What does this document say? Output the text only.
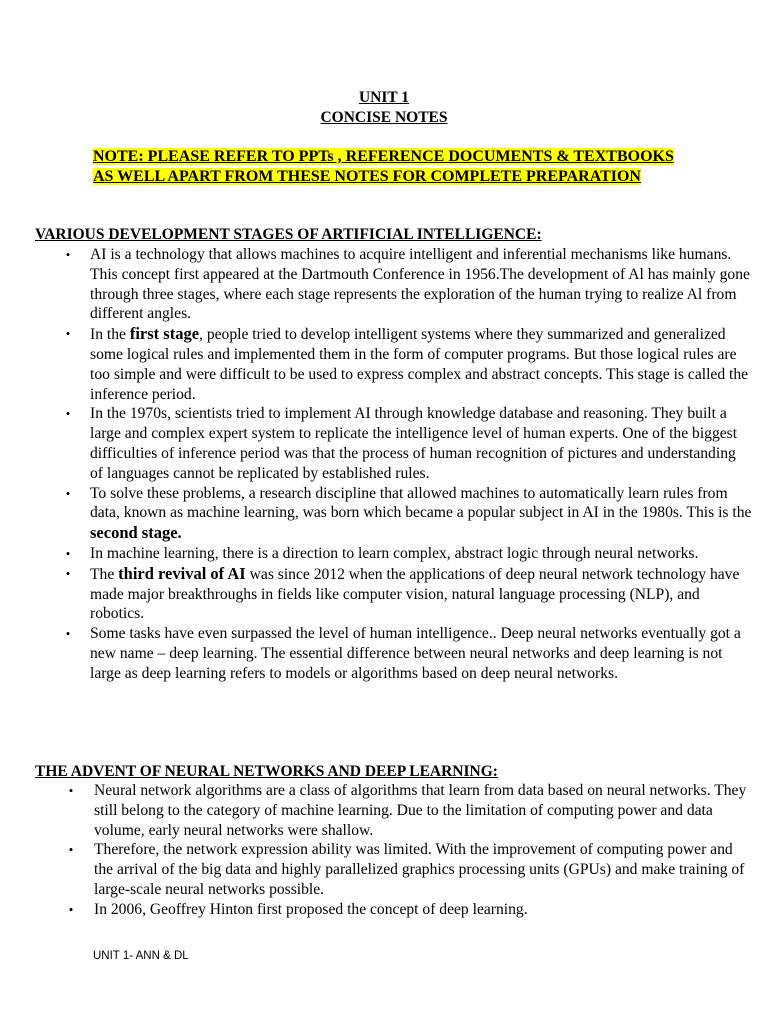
UNIT 1
CONCISE NOTES
NOTE: PLEASE REFER TO PPTs , REFERENCE DOCUMENTS & TEXTBOOKS AS WELL APART FROM THESE NOTES FOR COMPLETE PREPARATION
VARIOUS DEVELOPMENT STAGES OF ARTIFICIAL INTELLIGENCE:
• AI is a technology that allows machines to acquire intelligent and inferential mechanisms like humans. This concept first appeared at the Dartmouth Conference in 1956.The development of Al has mainly gone through three stages, where each stage represents the exploration of the human trying to realize Al from different angles.
• In the first stage, people tried to develop intelligent systems where they summarized and generalized some logical rules and implemented them in the form of computer programs. But those logical rules are too simple and were difficult to be used to express complex and abstract concepts. This stage is called the inference period.
• In the 1970s, scientists tried to implement AI through knowledge database and reasoning. They built a large and complex expert system to replicate the intelligence level of human experts. One of the biggest difficulties of inference period was that the process of human recognition of pictures and understanding of languages cannot be replicated by established rules.
• To solve these problems, a research discipline that allowed machines to automatically learn rules from data, known as machine learning, was born which became a popular subject in AI in the 1980s. This is the second stage.
• In machine learning, there is a direction to learn complex, abstract logic through neural networks.
• The third revival of AI was since 2012 when the applications of deep neural network technology have made major breakthroughs in fields like computer vision, natural language processing (NLP), and robotics.
• Some tasks have even surpassed the level of human intelligence.. Deep neural networks eventually got a new name – deep learning. The essential difference between neural networks and deep learning is not large as deep learning refers to models or algorithms based on deep neural networks.
THE ADVENT OF NEURAL NETWORKS AND DEEP LEARNING:
• Neural network algorithms are a class of algorithms that learn from data based on neural networks. They still belong to the category of machine learning. Due to the limitation of computing power and data volume, early neural networks were shallow.
• Therefore, the network expression ability was limited. With the improvement of computing power and the arrival of the big data and highly parallelized graphics processing units (GPUs) and make training of large-scale neural networks possible.
• In 2006, Geoffrey Hinton first proposed the concept of deep learning.
UNIT 1- ANN & DL
